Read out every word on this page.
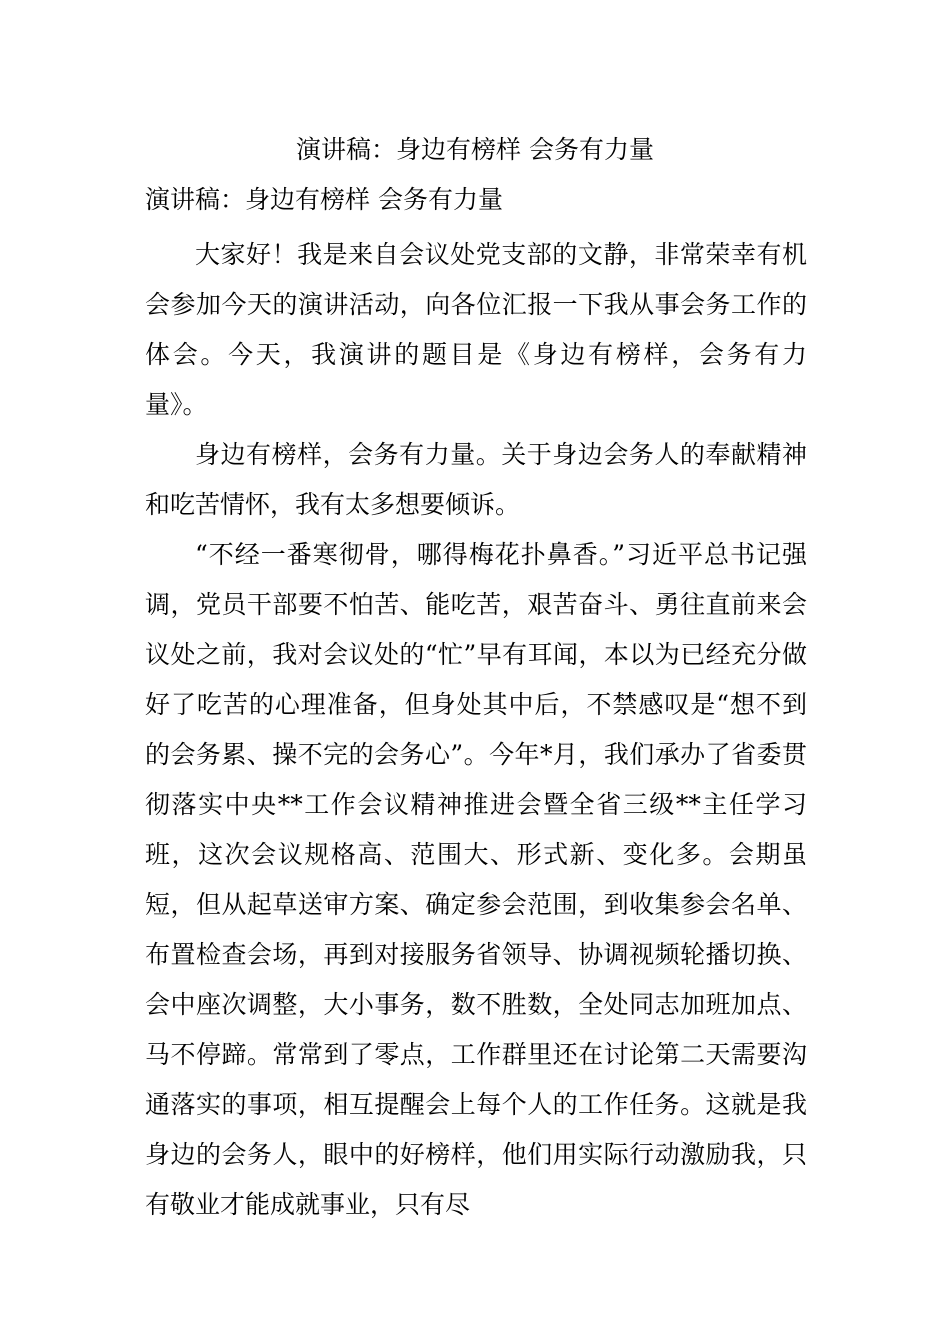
演讲稿：身边有榜样 会务有力量
演讲稿：身边有榜样 会务有力量

大家好！我是来自会议处党支部的文静，非常荣幸有机会参加今天的演讲活动，向各位汇报一下我从事会务工作的体会。今天，我演讲的题目是《身边有榜样，会务有力量》。

身边有榜样，会务有力量。关于身边会务人的奉献精神和吃苦情怀，我有太多想要倾诉。

“不经一番寒彻骨，哪得梅花扑鼻香。”习近平总书记强调，党员干部要不怕苦、能吃苦，艰苦奋斗、勇往直前来会议处之前，我对会议处的“忙”早有耳闻，本以为已经充分做好了吃苦的心理准备，但身处其中后，不禁感叹是“想不到的会务累、操不完的会务心”。今年*月，我们承办了省委贯彻落实中央**工作会议精神推进会暨全省三级**主任学习班，这次会议规格高、范围大、形式新、变化多。会期虽短，但从起草送审方案、确定参会范围，到收集参会名单、布置检查会场，再到对接服务省领导、协调视频轮播切换、会中座次调整，大小事务，数不胜数，全处同志加班加点、马不停蹄。常常到了零点，工作群里还在讨论第二天需要沟通落实的事项，相互提醒会上每个人的工作任务。这就是我身边的会务人，眼中的好榜样，他们用实际行动激励我，只有敬业才能成就事业，只有尽
